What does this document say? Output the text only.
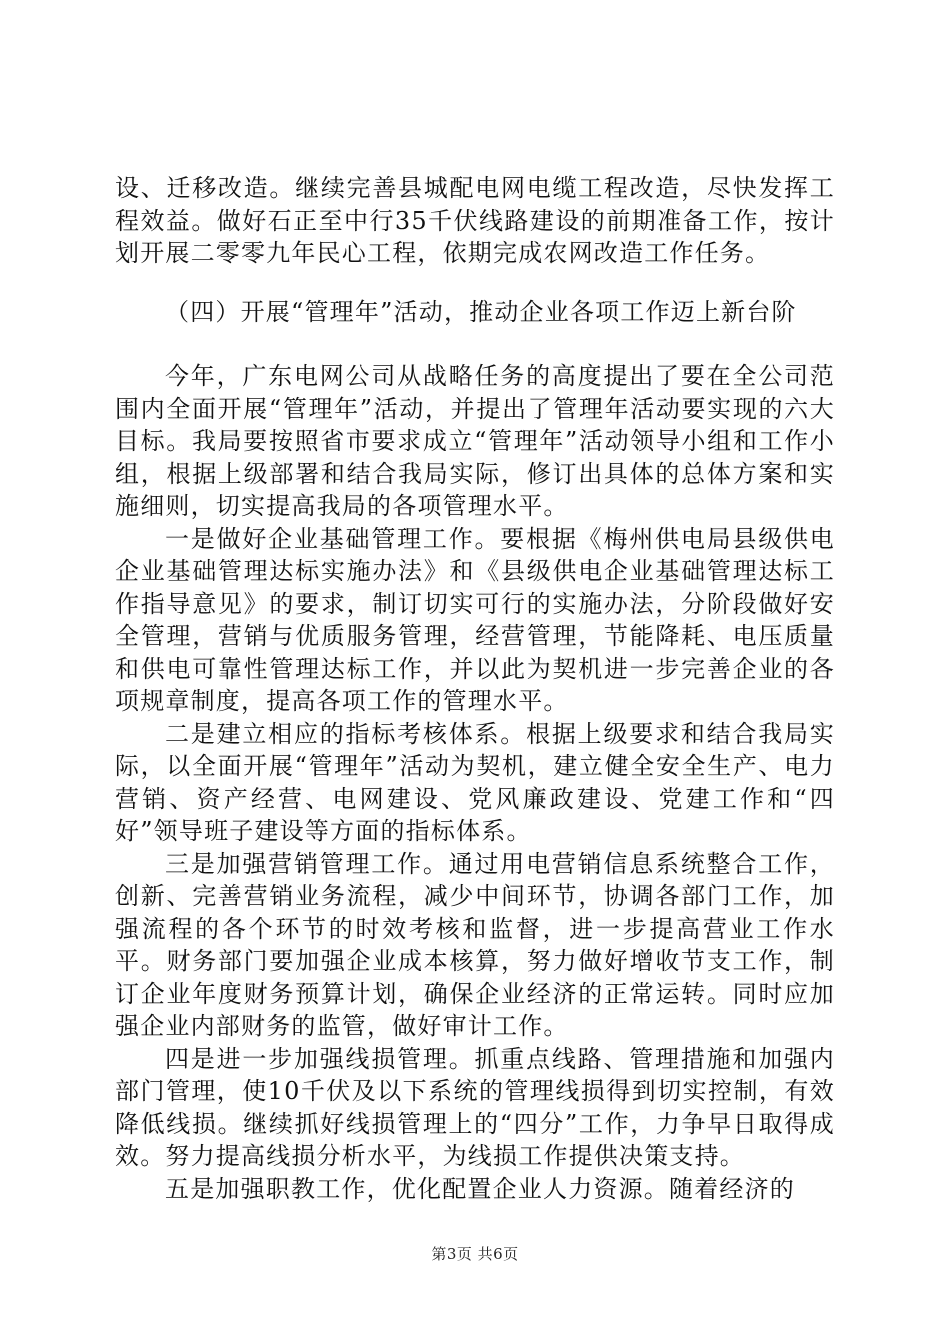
设、迁移改造。继续完善县城配电网电缆工程改造，尽快发挥工程效益。做好石正至中行35千伏线路建设的前期准备工作，按计划开展二零零九年民心工程，依期完成农网改造工作任务。

（四）开展“管理年”活动，推动企业各项工作迈上新台阶

今年，广东电网公司从战略任务的高度提出了要在全公司范围内全面开展“管理年”活动，并提出了管理年活动要实现的六大目标。我局要按照省市要求成立“管理年”活动领导小组和工作小组，根据上级部署和结合我局实际，修订出具体的总体方案和实施细则，切实提高我局的各项管理水平。

一是做好企业基础管理工作。要根据《梅州供电局县级供电企业基础管理达标实施办法》和《县级供电企业基础管理达标工作指导意见》的要求，制订切实可行的实施办法，分阶段做好安全管理，营销与优质服务管理，经营管理，节能降耗、电压质量和供电可靠性管理达标工作，并以此为契机进一步完善企业的各项规章制度，提高各项工作的管理水平。

二是建立相应的指标考核体系。根据上级要求和结合我局实际，以全面开展“管理年”活动为契机，建立健全安全生产、电力营销、资产经营、电网建设、党风廉政建设、党建工作和“四好”领导班子建设等方面的指标体系。

三是加强营销管理工作。通过用电营销信息系统整合工作，创新、完善营销业务流程，减少中间环节，协调各部门工作，加强流程的各个环节的时效考核和监督，进一步提高营业工作水平。财务部门要加强企业成本核算，努力做好增收节支工作，制订企业年度财务预算计划，确保企业经济的正常运转。同时应加强企业内部财务的监管，做好审计工作。

四是进一步加强线损管理。抓重点线路、管理措施和加强内部门管理，使10千伏及以下系统的管理线损得到切实控制，有效降低线损。继续抓好线损管理上的“四分”工作，力争早日取得成效。努力提高线损分析水平，为线损工作提供决策支持。

五是加强职教工作，优化配置企业人力资源。随着经济的

第3页 共6页
